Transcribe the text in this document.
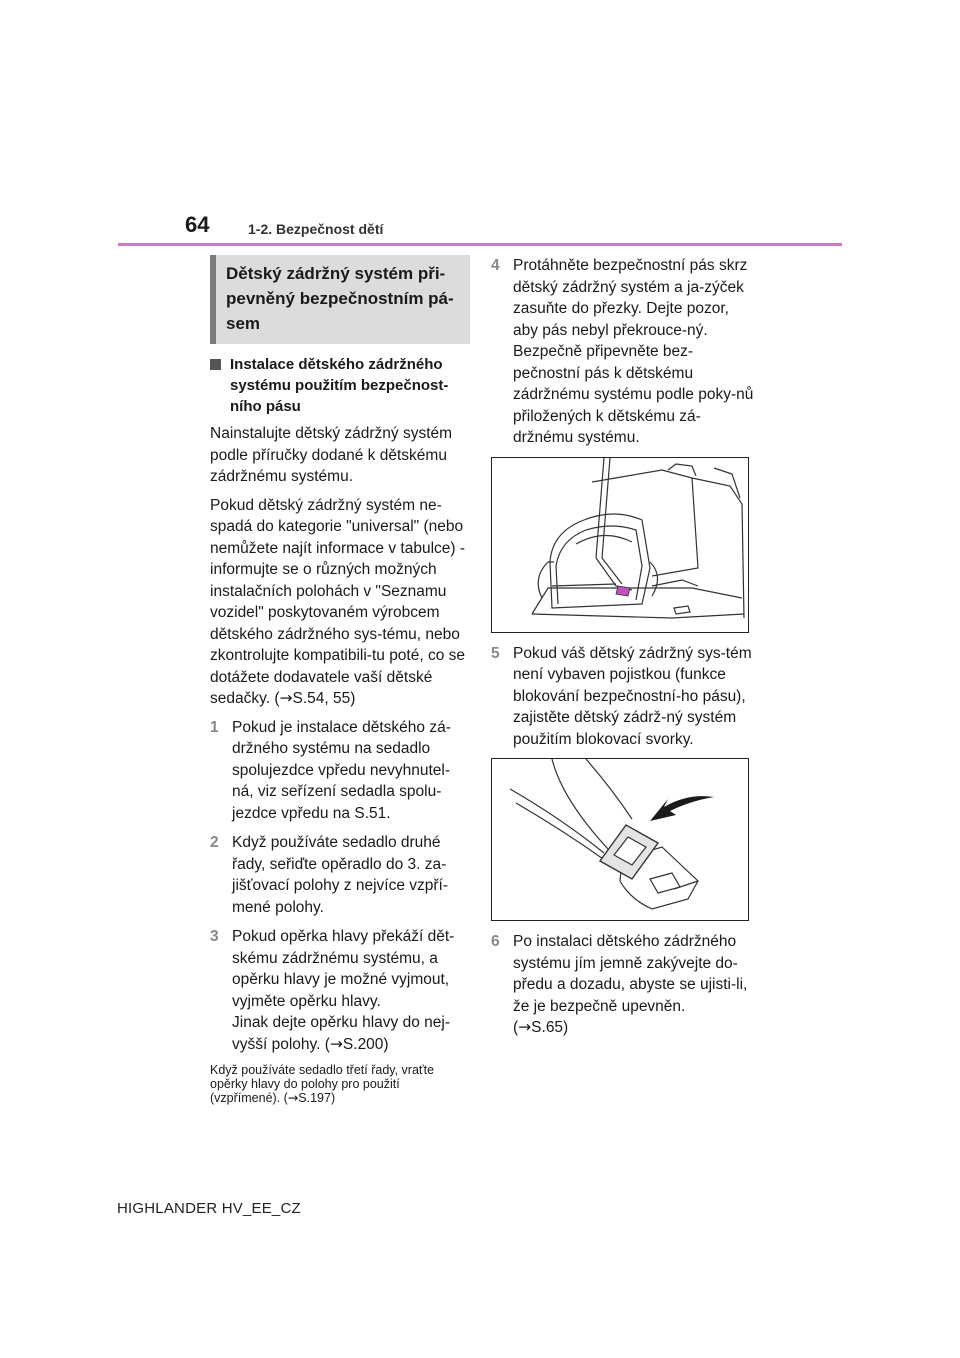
64	1-2. Bezpečnost dětí
Dětský zádržný systém při-
pevněný bezpečnostním pá-
sem
Instalace dětského zádržného systému použitím bezpečnost-ního pásu

Nainstalujte dětský zádržný systém podle příručky dodané k dětskému zádržnému systému.

Pokud dětský zádržný systém ne-spadá do kategorie "universal" (nebo nemůžete najít informace v tabulce) - informujte se o různých možných instalačních polohách v "Seznamu vozidel" poskytovaném výrobcem dětského zádržného sys-tému, nebo zkontrolujte kompatibili-tu poté, co se dotážete dodavatele vaší dětské sedačky. (→S.54, 55)

1 Pokud je instalace dětského zá-držného systému na sedadlo spolujezdce vpředu nevyhnutel-ná, viz seřízení sedadla spolu-jezdce vpředu na S.51.
2 Když používáte sedadlo druhé řady, seřiďte opěradlo do 3. za-jišťovací polohy z nejvíce vzpří-mené polohy.
3 Pokud opěrka hlavy překáží dět-skému zádržnému systému, a opěrku hlavy je možné vyjmout, vyjměte opěrku hlavy.
Jinak dejte opěrku hlavy do nej-vyšší polohy. (→S.200)
Když používáte sedadlo třetí řady, vraťte opěrky hlavy do polohy pro použití (vzpřímené). (→S.197)
4 Protáhněte bezpečnostní pás skrz dětský zádržný systém a ja-zýček zasuňte do přezky. Dejte pozor, aby pás nebyl překrouce-ný. Bezpečně připevněte bez-pečnostní pás k dětskému zádržnému systému podle poky-nů přiložených k dětskému zá-držnému systému.
5 Pokud váš dětský zádržný sys-tém není vybaven pojistkou (funkce blokování bezpečnostní-ho pásu), zajistěte dětský zádrž-ný systém použitím blokovací svorky.
6 Po instalaci dětského zádržného systému jím jemně zakývejte do-předu a dozadu, abyste se ujisti-li, že je bezpečně upevněn.
(→S.65)
HIGHLANDER HV_EE_CZ
